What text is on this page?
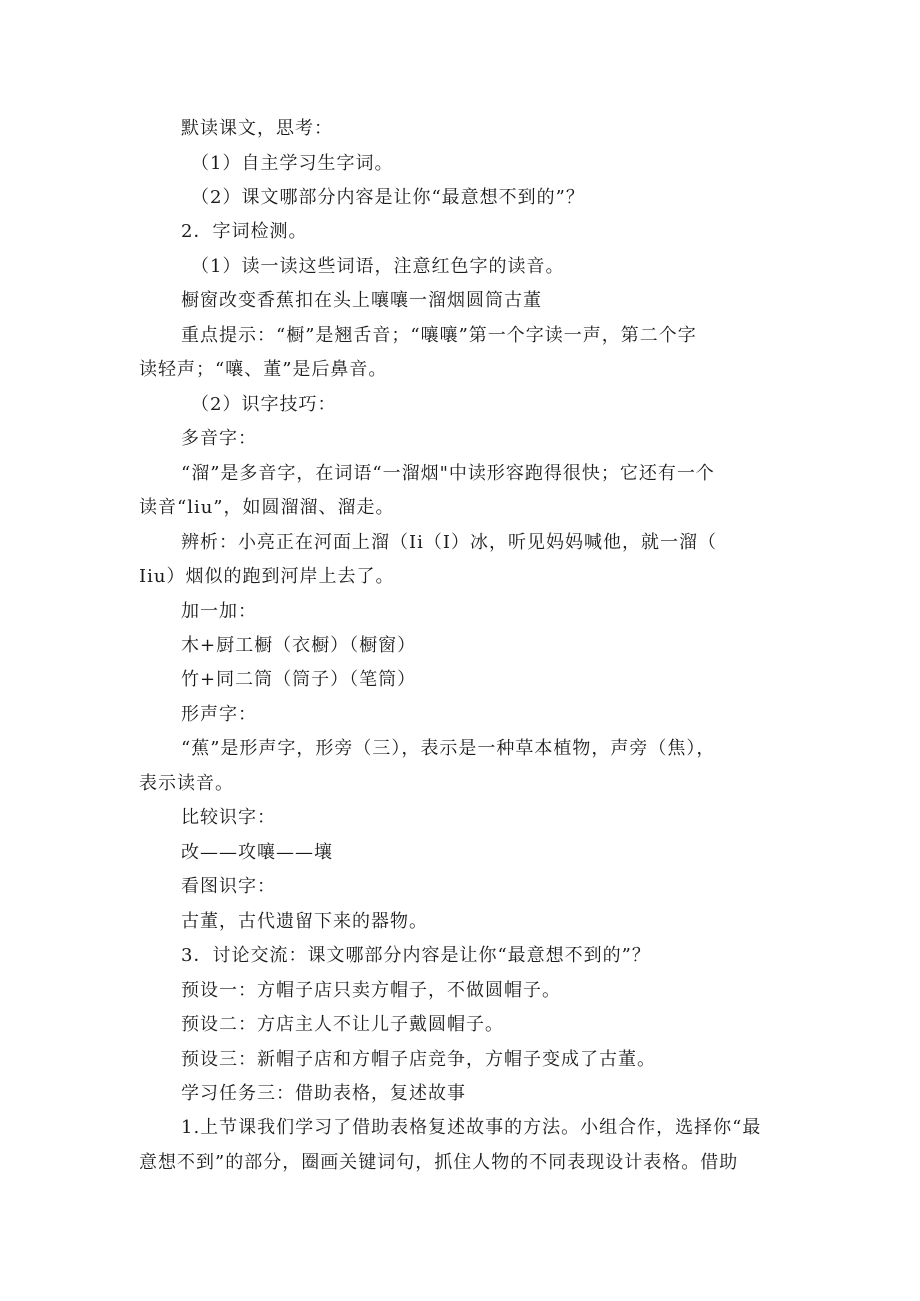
默读课文，思考：
（1）自主学习生字词。
（2）课文哪部分内容是让你“最意想不到的”？
2．字词检测。
（1）读一读这些词语，注意红色字的读音。
橱窗改变香蕉扣在头上嚷嚷一溜烟圆筒古董
重点提示：“橱”是翘舌音；“嚷嚷”第一个字读一声，第二个字
读轻声；“嚷、董”是后鼻音。
（2）识字技巧：
多音字：
“溜”是多音字，在词语“一溜烟"中读形容跑得很快；它还有一个
读音“liu”，如圆溜溜、溜走。
辨析：小亮正在河面上溜（Ii（I）冰，听见妈妈喊他，就一溜（
Iiu）烟似的跑到河岸上去了。
加一加：
木+厨工橱（衣橱）（橱窗）
竹+同二筒（筒子）（笔筒）
形声字：
“蕉”是形声字，形旁（三），表示是一种草本植物，声旁（焦），
表示读音。
比较识字：
改——攻嚷——壤
看图识字：
古董，古代遗留下来的器物。
3．讨论交流：课文哪部分内容是让你“最意想不到的”？
预设一：方帽子店只卖方帽子，不做圆帽子。
预设二：方店主人不让儿子戴圆帽子。
预设三：新帽子店和方帽子店竞争，方帽子变成了古董。
学习任务三：借助表格，复述故事
1.上节课我们学习了借助表格复述故事的方法。小组合作，选择你“最
意想不到”的部分，圈画关键词句，抓住人物的不同表现设计表格。借助
